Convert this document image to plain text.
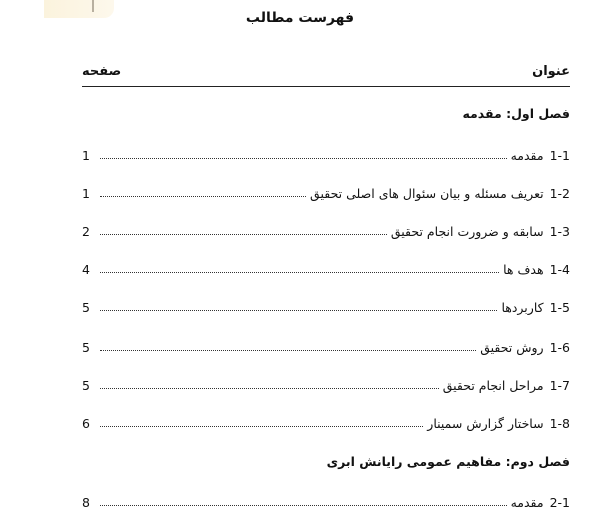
فهرست مطالب
عنوان
صفحه
فصل اول: مقدمه
1-1
مقدمه
1
1-2
تعریف مسئله و بیان سئوال های اصلی تحقیق
1
1-3
سابقه و ضرورت انجام تحقیق
2
1-4
هدف ها
4
1-5
کاربردها
5
1-6
روش تحقیق
5
1-7
مراحل انجام تحقیق
5
1-8
ساختار گزارش سمینار
6
فصل دوم: مفاهیم عمومی رایانش ابری
2-1
مقدمه
8
